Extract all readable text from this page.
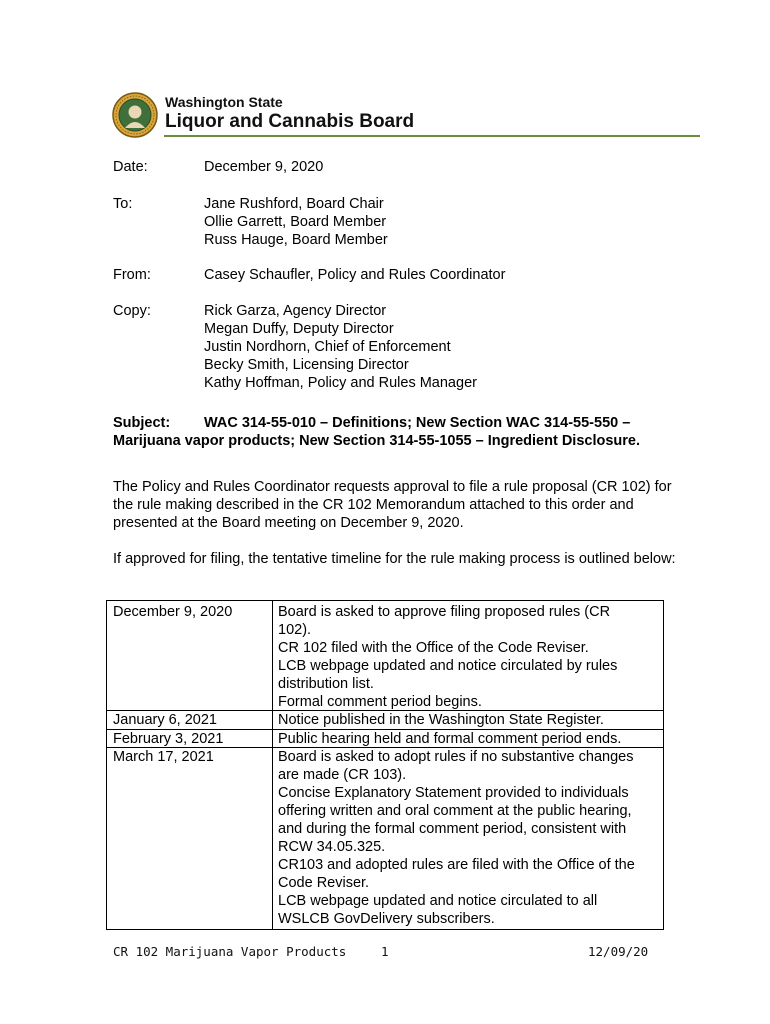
Washington State
Liquor and Cannabis Board
Date:	December 9, 2020
To:	Jane Rushford, Board Chair
Ollie Garrett, Board Member
Russ Hauge, Board Member
From:	Casey Schaufler, Policy and Rules Coordinator
Copy:	Rick Garza, Agency Director
Megan Duffy, Deputy Director
Justin Nordhorn, Chief of Enforcement
Becky Smith, Licensing Director
Kathy Hoffman, Policy and Rules Manager
Subject: WAC 314-55-010 – Definitions; New Section WAC 314-55-550 –
Marijuana vapor products; New Section 314-55-1055 – Ingredient Disclosure.
The Policy and Rules Coordinator requests approval to file a rule proposal (CR 102) for
the rule making described in the CR 102 Memorandum attached to this order and
presented at the Board meeting on December 9, 2020.
If approved for filing, the tentative timeline for the rule making process is outlined below:
December 9, 2020	Board is asked to approve filing proposed rules (CR
102).
CR 102 filed with the Office of the Code Reviser.
LCB webpage updated and notice circulated by rules
distribution list.
Formal comment period begins.
January 6, 2021	Notice published in the Washington State Register.
February 3, 2021	Public hearing held and formal comment period ends.
March 17, 2021	Board is asked to adopt rules if no substantive changes
are made (CR 103).
Concise Explanatory Statement provided to individuals
offering written and oral comment at the public hearing,
and during the formal comment period, consistent with
RCW 34.05.325.
CR103 and adopted rules are filed with the Office of the
Code Reviser.
LCB webpage updated and notice circulated to all
WSLCB GovDelivery subscribers.
CR 102 Marijuana Vapor Products	1	12/09/20
